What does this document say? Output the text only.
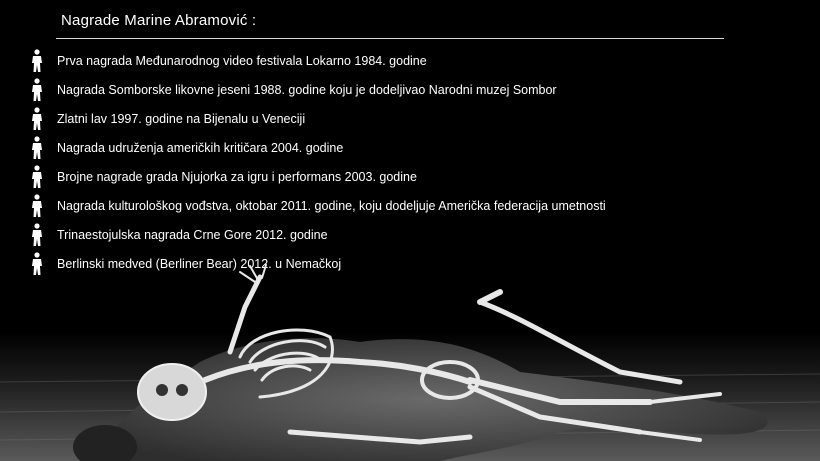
Nagrade Marine Abramović :
Prva nagrada Međunarodnog video festivala Lokarno 1984. godine
Nagrada Somborske likovne jeseni 1988. godine koju je dodeljivao Narodni muzej Sombor
Zlatni lav 1997. godine na Bijenalu u Veneciji
Nagrada udruženja američkih kritičara 2004. godine
Brojne nagrade grada Njujorka za igru i performans 2003. godine
Nagrada kulturološkog vođstva, oktobar 2011. godine, koju dodeljuje Američka federacija umetnosti
Trinaestojulska nagrada Crne Gore 2012. godine
Berlinski medved (Berliner Bear) 2012. u Nemačkoj
